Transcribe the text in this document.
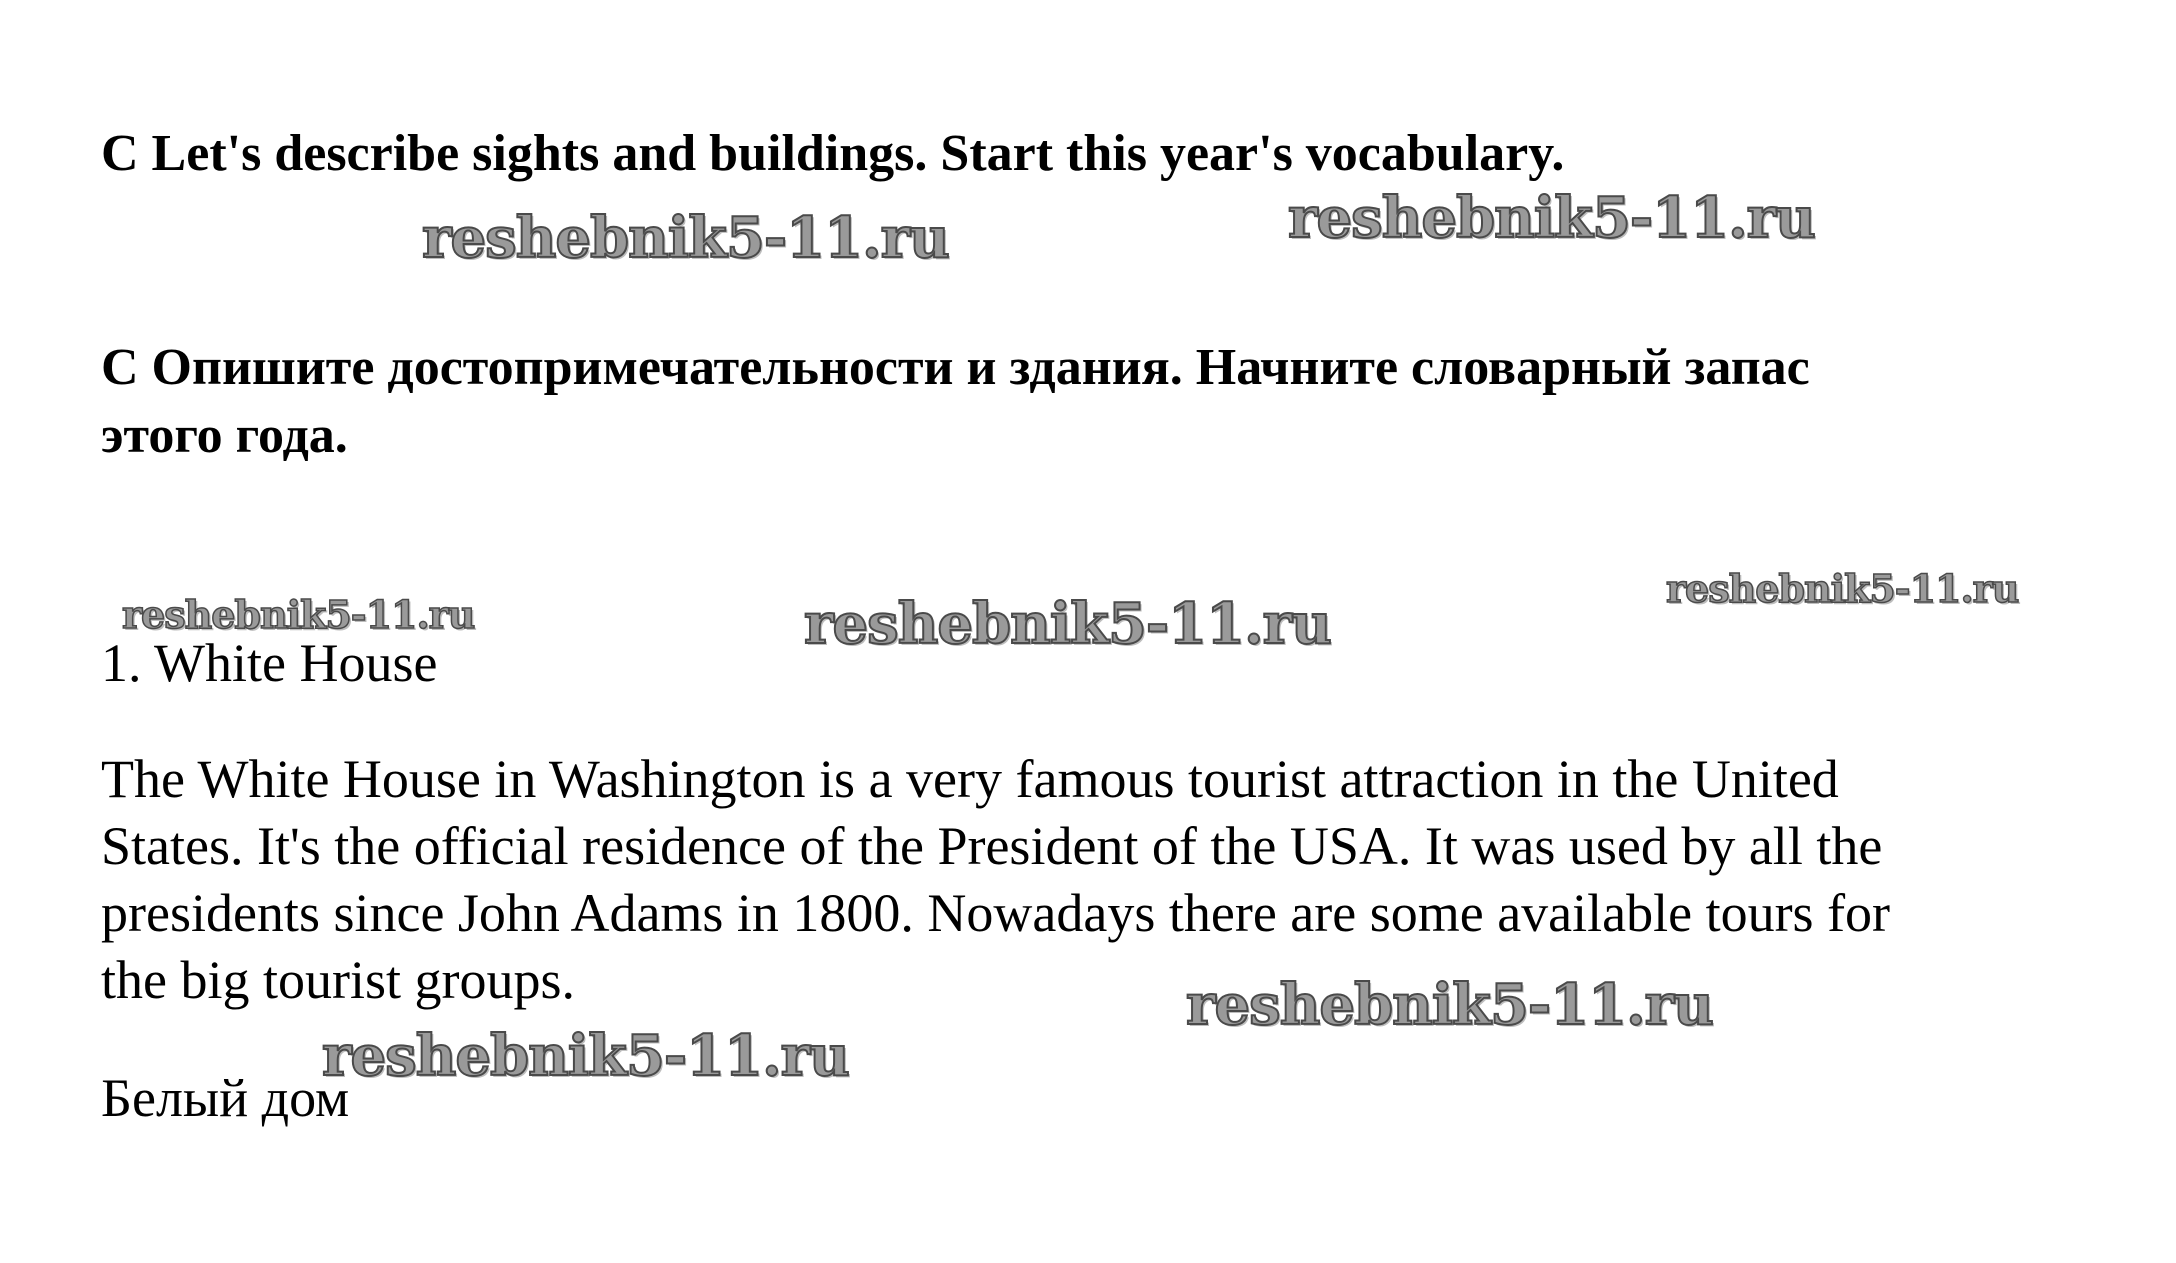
C Let's describe sights and buildings. Start this year's vocabulary.
C Опишите достопримечательности и здания. Начните словарный запас
этого года.
1. White House
The White House in Washington is a very famous tourist attraction in the United
States. It's the official residence of the President of the USA. It was used by all the
presidents since John Adams in 1800. Nowadays there are some available tours for
the big tourist groups.
Белый дом
reshebnik5-11.ru	reshebnik5-11.ru
reshebnik5-11.ru	reshebnik5-11.ru
reshebnik5-11.ru
reshebnik5-11.ru
reshebnik5-11.ru
